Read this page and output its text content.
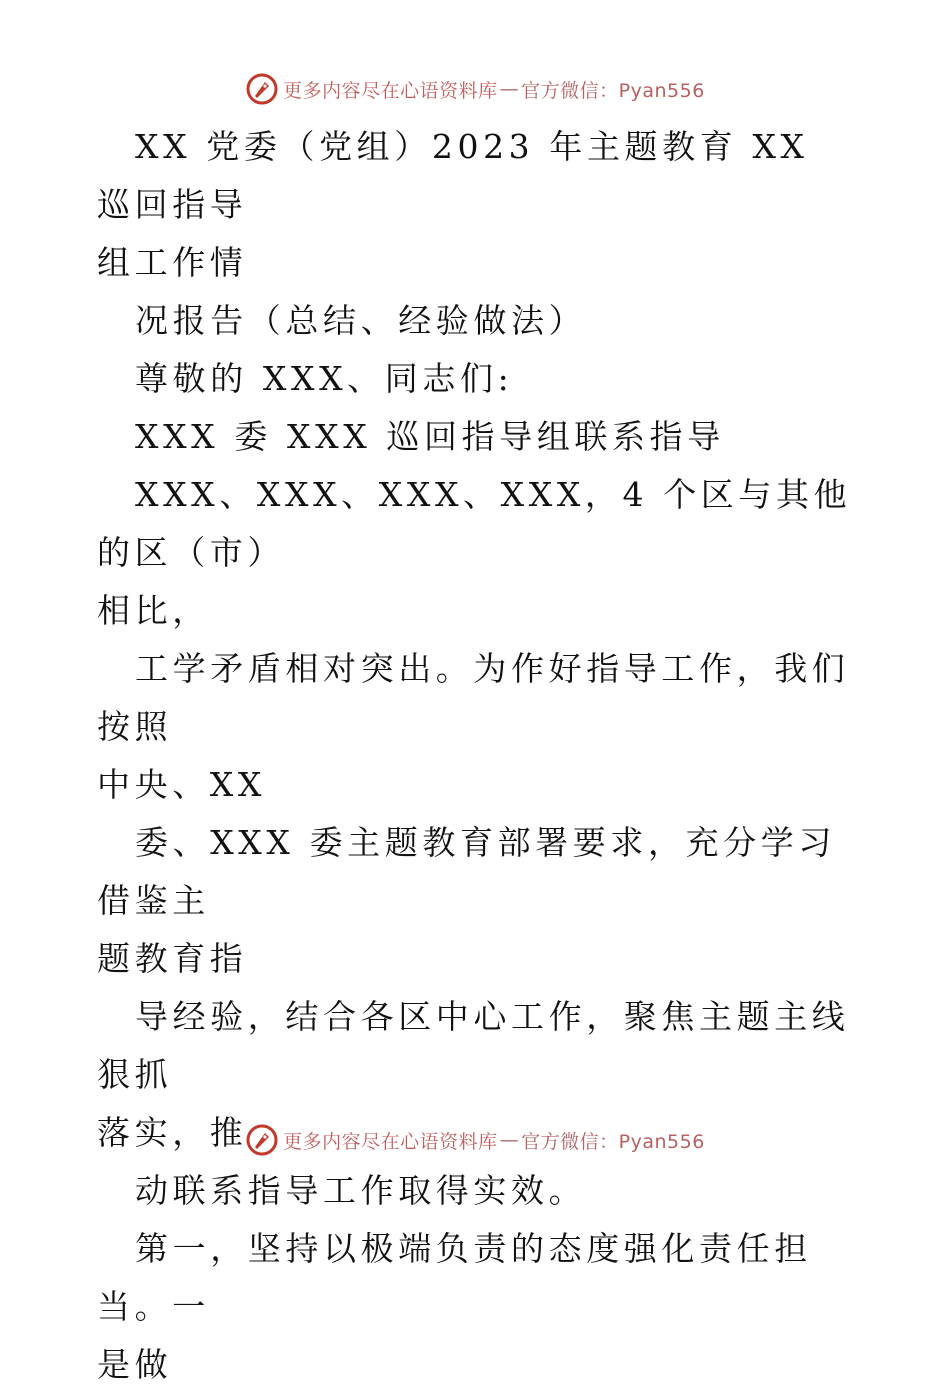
更多内容尽在心语资料库 — 官方微信：Pyan556

XX 党委（党组）2023 年主题教育 XX 巡回指导
组工作情

况报告（总结、经验做法）

尊敬的 XXX、同志们:

XXX 委 XXX 巡回指导组联系指导

XXX、XXX、XXX、XXX，4 个区与其他的区（市）
相比，

工学矛盾相对突出。为作好指导工作，我们按照
中央、XX

委、XXX 委主题教育部署要求，充分学习借鉴主
题教育指

导经验，结合各区中心工作，聚焦主题主线狠抓
落实，推

动联系指导工作取得实效。

第一，坚持以极端负责的态度强化责任担当。一
是做

更多内容尽在心语资料库 — 官方微信：Pyan556
